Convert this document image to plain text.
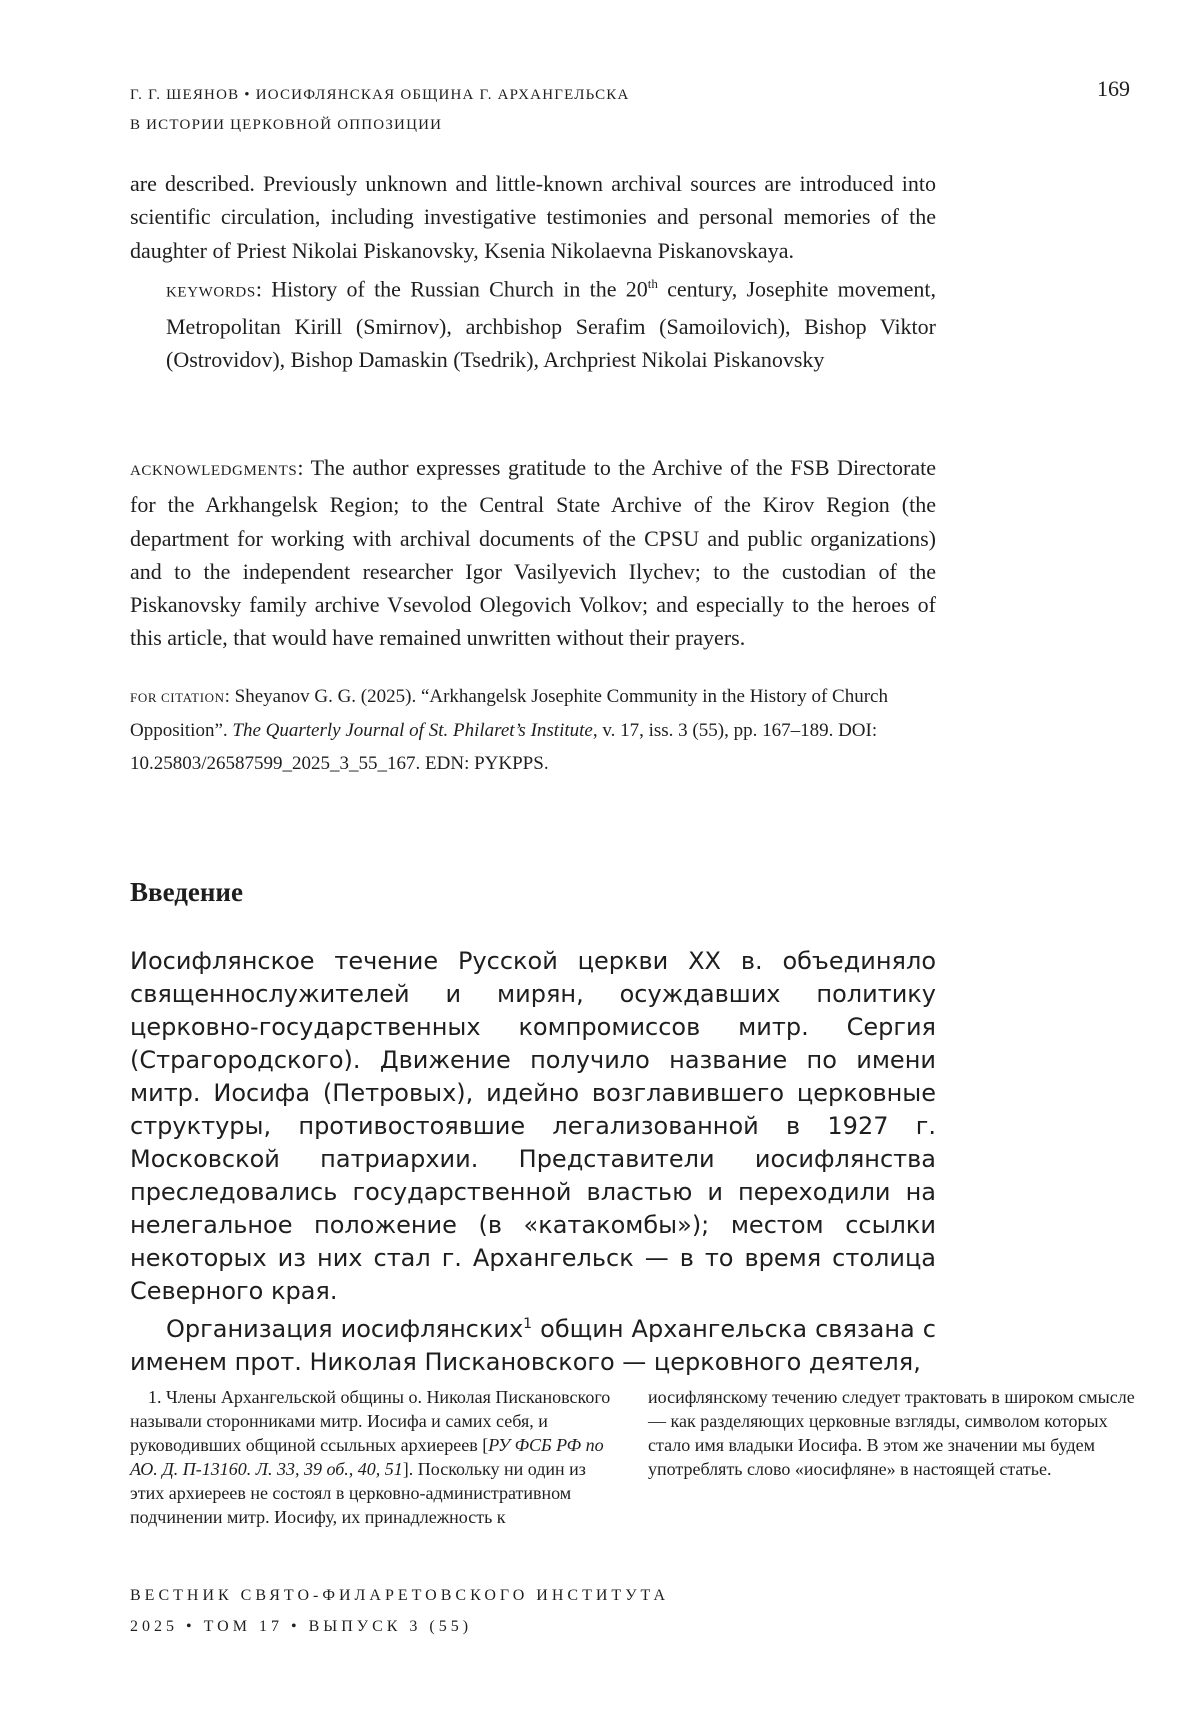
Г. Г. ШЕЯНОВ • ИОСИФЛЯНСКАЯ ОБЩИНА Г. АРХАНГЕЛЬСКА
В ИСТОРИИ ЦЕРКОВНОЙ ОППОЗИЦИИ
169

are described. Previously unknown and little-known archival sources are introduced into scientific circulation, including investigative testimonies and personal memories of the daughter of Priest Nikolai Piskanovsky, Ksenia Nikolaevna Piskanovskaya.

KEYWORDS: History of the Russian Church in the 20th century, Josephite movement, Metropolitan Kirill (Smirnov), archbishop Serafim (Samoilovich), Bishop Viktor (Ostrovidov), Bishop Damaskin (Tsedrik), Archpriest Nikolai Piskanovsky

ACKNOWLEDGMENTS: The author expresses gratitude to the Archive of the FSB Directorate for the Arkhangelsk Region; to the Central State Archive of the Kirov Region (the department for working with archival documents of the CPSU and public organizations) and to the independent researcher Igor Vasilyevich Ilychev; to the custodian of the Piskanovsky family archive Vsevolod Olegovich Volkov; and especially to the heroes of this article, that would have remained unwritten without their prayers.

FOR CITATION: Sheyanov G. G. (2025). “Arkhangelsk Josephite Community in the History of Church Opposition”. The Quarterly Journal of St. Philaret’s Institute, v. 17, iss. 3 (55), pp. 167–189. DOI: 10.25803/26587599_2025_3_55_167. EDN: PYKPPS.
Введение

Иосифлянское течение Русской церкви XX в. объединяло священнослужителей и мирян, осуждавших политику церковно-государственных компромиссов митр. Сергия (Страгородского). Движение получило название по имени митр. Иосифа (Петровых), идейно возглавившего церковные структуры, противостоявшие легализованной в 1927 г. Московской патриархии. Представители иосифлянства преследовались государственной властью и переходили на нелегальное положение (в «катакомбы»); местом ссылки некоторых из них стал г. Архангельск — в то время столица Северного края.

Организация иосифлянских$^1$ общин Архангельска связана с именем прот. Николая Пискановского — церковного деятеля,

1. Члены Архангельской общины о. Николая Пискановского называли сторонниками митр. Иосифа и самих себя, и руководивших общиной ссыльных архиереев [РУ ФСБ РФ по АО. Д. П-13160. Л. 33, 39 об., 40, 51]. Поскольку ни один из этих архиереев не состоял в церковно-административном подчинении митр. Иосифу, их принадлежность к
иосифлянскому течению следует трактовать в широком смысле — как разделяющих церковные взгляды, символом которых стало имя владыки Иосифа. В этом же значении мы будем употреблять слово «иосифляне» в настоящей статье.
ВЕСТНИК СВЯТО-ФИЛАРЕТОВСКОГО ИНСТИТУТА
2025 • ТОМ 17 • ВЫПУСК 3 (55)
